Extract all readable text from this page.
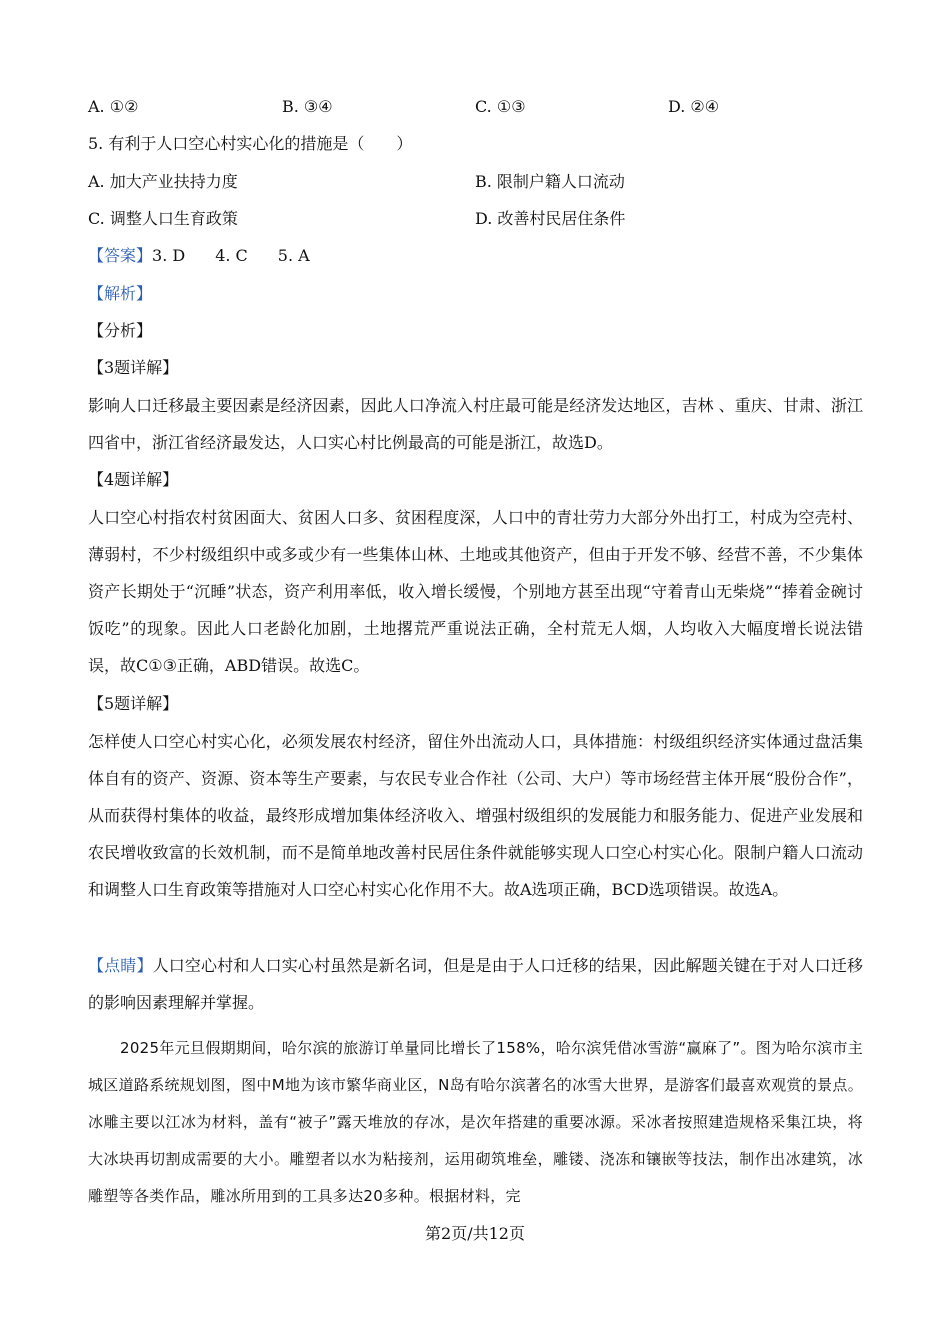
A. ①②	B. ③④	C. ①③	D. ②④
5. 有利于人口空心村实心化的措施是（　　）
A. 加大产业扶持力度	B. 限制户籍人口流动
C. 调整人口生育政策	D. 改善村民居住条件
【答案】3. D 4. C 5. A
【解析】
【分析】
【3题详解】
影响人口迁移最主要因素是经济因素，因此人口净流入村庄最可能是经济发达地区，吉林 、重庆、甘肃、浙江四省中，浙江省经济最发达，人口实心村比例最高的可能是浙江，故选D。
【4题详解】
人口空心村指农村贫困面大、贫困人口多、贫困程度深，人口中的青壮劳力大部分外出打工，村成为空壳村、薄弱村，不少村级组织中或多或少有一些集体山林、土地或其他资产，但由于开发不够、经营不善，不少集体资产长期处于“沉睡”状态，资产利用率低，收入增长缓慢，个别地方甚至出现“守着青山无柴烧”“捧着金碗讨饭吃”的现象。因此人口老龄化加剧，土地撂荒严重说法正确，全村荒无人烟，人均收入大幅度增长说法错误，故C①③正确，ABD错误。故选C。
【5题详解】
怎样使人口空心村实心化，必须发展农村经济，留住外出流动人口，具体措施：村级组织经济实体通过盘活集体自有的资产、资源、资本等生产要素，与农民专业合作社（公司、大户）等市场经营主体开展“股份合作”，从而获得村集体的收益，最终形成增加集体经济收入、增强村级组织的发展能力和服务能力、促进产业发展和农民增收致富的长效机制，而不是简单地改善村民居住条件就能够实现人口空心村实心化。限制户籍人口流动和调整人口生育政策等措施对人口空心村实心化作用不大。故A选项正确，BCD选项错误。故选A。
【点睛】人口空心村和人口实心村虽然是新名词，但是是由于人口迁移的结果，因此解题关键在于对人口迁移的影响因素理解并掌握。
2025年元旦假期期间，哈尔滨的旅游订单量同比增长了158%，哈尔滨凭借冰雪游“赢麻了”。图为哈尔滨市主城区道路系统规划图，图中M地为该市繁华商业区，N岛有哈尔滨著名的冰雪大世界，是游客们最喜欢观赏的景点。冰雕主要以江冰为材料，盖有“被子”露天堆放的存冰，是次年搭建的重要冰源。采冰者按照建造规格采集江块，将大冰块再切割成需要的大小。雕塑者以水为粘接剂，运用砌筑堆垒，雕镂、浇冻和镶嵌等技法，制作出冰建筑，冰雕塑等各类作品，雕冰所用到的工具多达20多种。根据材料，完
第2页/共12页
